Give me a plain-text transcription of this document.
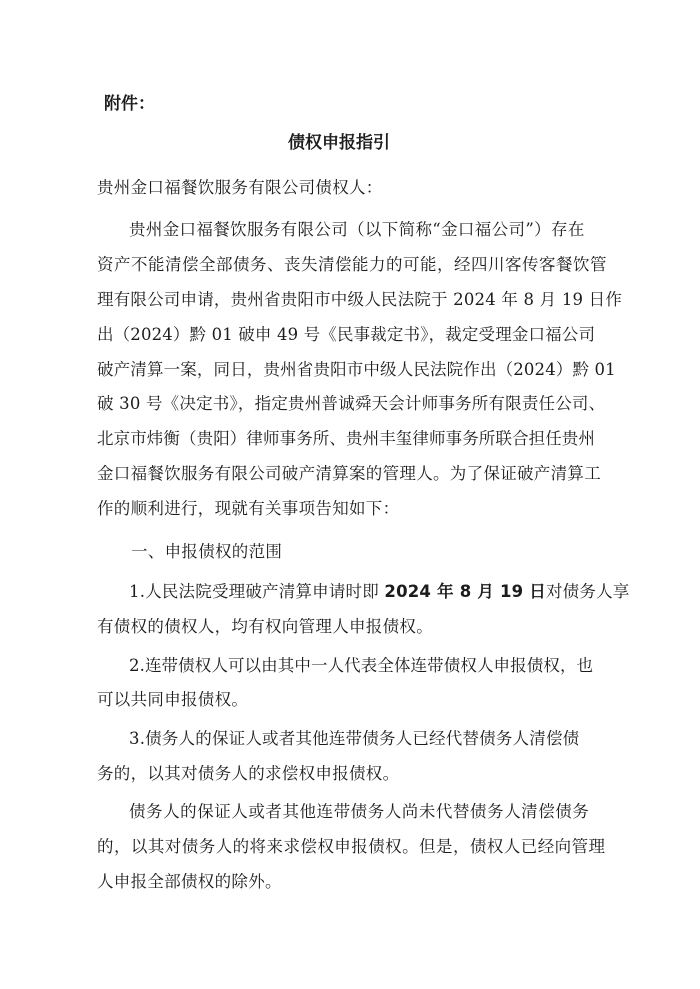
附件：
债权申报指引
贵州金口福餐饮服务有限公司债权人：
贵州金口福餐饮服务有限公司（以下简称“金口福公司”）存在
资产不能清偿全部债务、丧失清偿能力的可能，经四川客传客餐饮管
理有限公司申请，贵州省贵阳市中级人民法院于 2024 年 8 月 19 日作
出（2024）黔 01 破申 49 号《民事裁定书》，裁定受理金口福公司
破产清算一案，同日，贵州省贵阳市中级人民法院作出（2024）黔 01
破 30 号《决定书》，指定贵州普诚舜天会计师事务所有限责任公司、
北京市炜衡（贵阳）律师事务所、贵州丰玺律师事务所联合担任贵州
金口福餐饮服务有限公司破产清算案的管理人。为了保证破产清算工
作的顺利进行，现就有关事项告知如下：
一、申报债权的范围
1.人民法院受理破产清算申请时即 2024 年 8 月 19 日对债务人享
有债权的债权人，均有权向管理人申报债权。
2.连带债权人可以由其中一人代表全体连带债权人申报债权，也
可以共同申报债权。
3.债务人的保证人或者其他连带债务人已经代替债务人清偿债
务的，以其对债务人的求偿权申报债权。
债务人的保证人或者其他连带债务人尚未代替债务人清偿债务
的，以其对债务人的将来求偿权申报债权。但是，债权人已经向管理
人申报全部债权的除外。
